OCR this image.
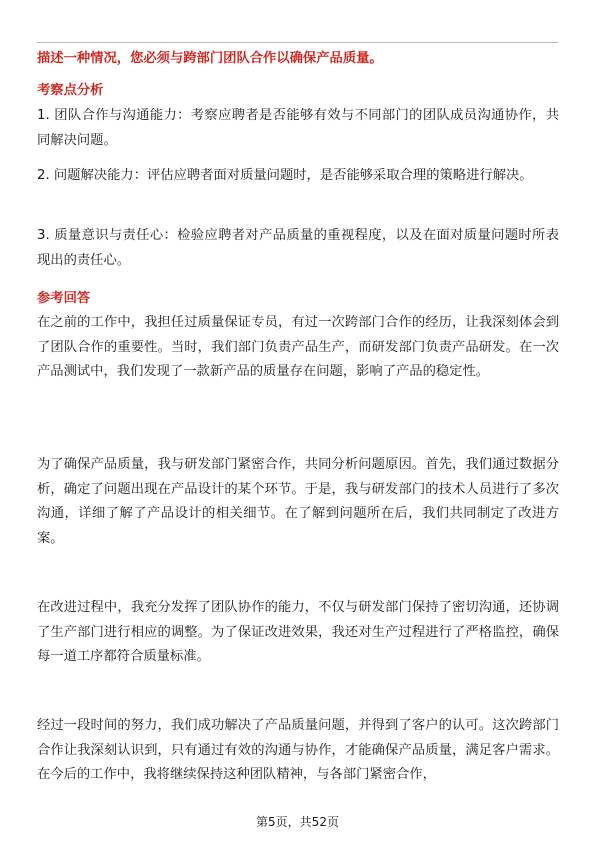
描述一种情况，您必须与跨部门团队合作以确保产品质量。
考察点分析
1. 团队合作与沟通能力：考察应聘者是否能够有效与不同部门的团队成员沟通协作，共同解决问题。
2. 问题解决能力：评估应聘者面对质量问题时，是否能够采取合理的策略进行解决。
3. 质量意识与责任心：检验应聘者对产品质量的重视程度，以及在面对质量问题时所表现出的责任心。
参考回答
在之前的工作中，我担任过质量保证专员，有过一次跨部门合作的经历，让我深刻体会到了团队合作的重要性。当时，我们部门负责产品生产，而研发部门负责产品研发。在一次产品测试中，我们发现了一款新产品的质量存在问题，影响了产品的稳定性。
为了确保产品质量，我与研发部门紧密合作，共同分析问题原因。首先，我们通过数据分析，确定了问题出现在产品设计的某个环节。于是，我与研发部门的技术人员进行了多次沟通，详细了解了产品设计的相关细节。在了解到问题所在后，我们共同制定了改进方案。
在改进过程中，我充分发挥了团队协作的能力，不仅与研发部门保持了密切沟通，还协调了生产部门进行相应的调整。为了保证改进效果，我还对生产过程进行了严格监控，确保每一道工序都符合质量标准。
经过一段时间的努力，我们成功解决了产品质量问题，并得到了客户的认可。这次跨部门合作让我深刻认识到，只有通过有效的沟通与协作，才能确保产品质量，满足客户需求。在今后的工作中，我将继续保持这种团队精神，与各部门紧密合作，
第5页，共52页
